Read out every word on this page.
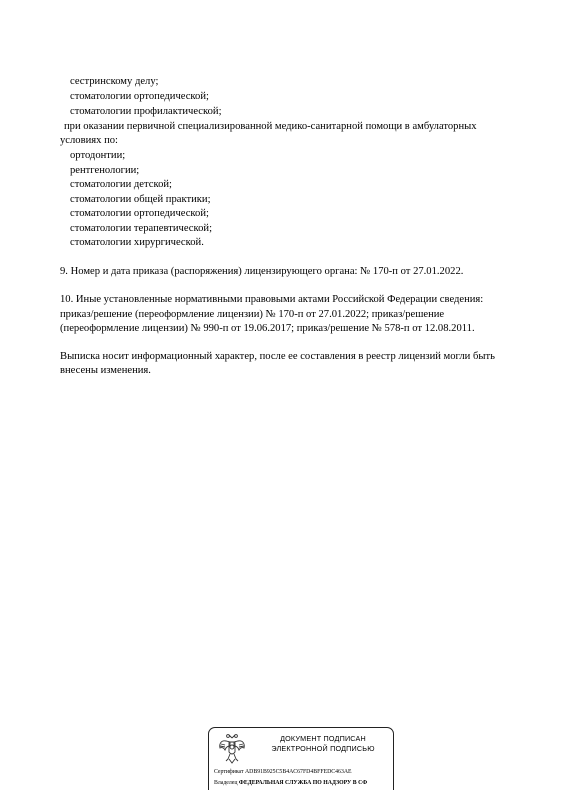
сестринскому делу;
стоматологии ортопедической;
стоматологии профилактической;
при оказании первичной специализированной медико-санитарной помощи в амбулаторных
условиях по:
ортодонтии;
рентгенологии;
стоматологии детской;
стоматологии общей практики;
стоматологии ортопедической;
стоматологии терапевтической;
стоматологии хирургической.
9. Номер и дата приказа (распоряжения) лицензирующего органа: № 170-п от 27.01.2022.
10. Иные установленные нормативными правовыми актами Российской Федерации сведения:
приказ/решение (переоформление лицензии) № 170-п от 27.01.2022; приказ/решение
(переоформление лицензии) № 990-п от 19.06.2017; приказ/решение № 578-п от 12.08.2011.
Выписка носит информационный характер, после ее составления в реестр лицензий могли быть
внесены изменения.
ДОКУМЕНТ ПОДПИСАН
ЭЛЕКТРОННОЙ ПОДПИСЬЮ
Сертификат ADB91B925C5B4AC67FD4BFFEDC463AE
Владелец ФЕДЕРАЛЬНАЯ СЛУЖБА ПО НАДЗОРУ В СФ
